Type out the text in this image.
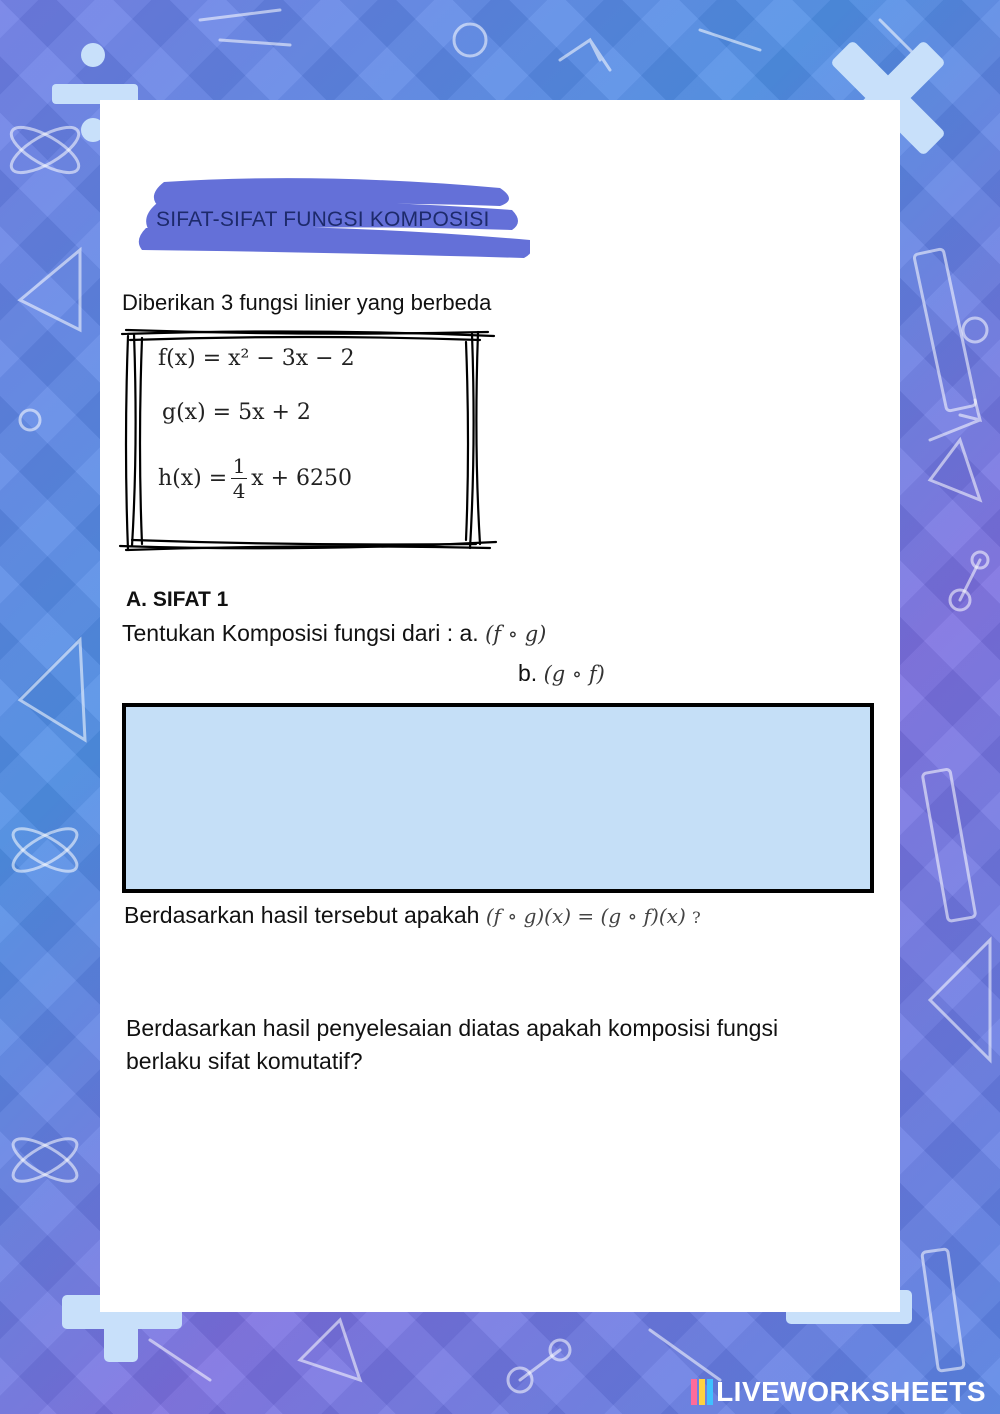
SIFAT-SIFAT FUNGSI KOMPOSISI
Diberikan 3 fungsi linier yang berbeda
f(x) = x² − 3x − 2
g(x) = 5x + 2
$h(x) = \frac{1}{4}$ x + 6250
A. SIFAT 1
Tentukan Komposisi fungsi dari : a. (f ∘ g)
b. (g ∘ f)
Berdasarkan hasil tersebut apakah (f ∘ g)(x) = (g ∘ f)(x) ?
Berdasarkan hasil penyelesaian diatas apakah komposisi fungsi berlaku sifat komutatif?
LIVEWORKSHEETS
